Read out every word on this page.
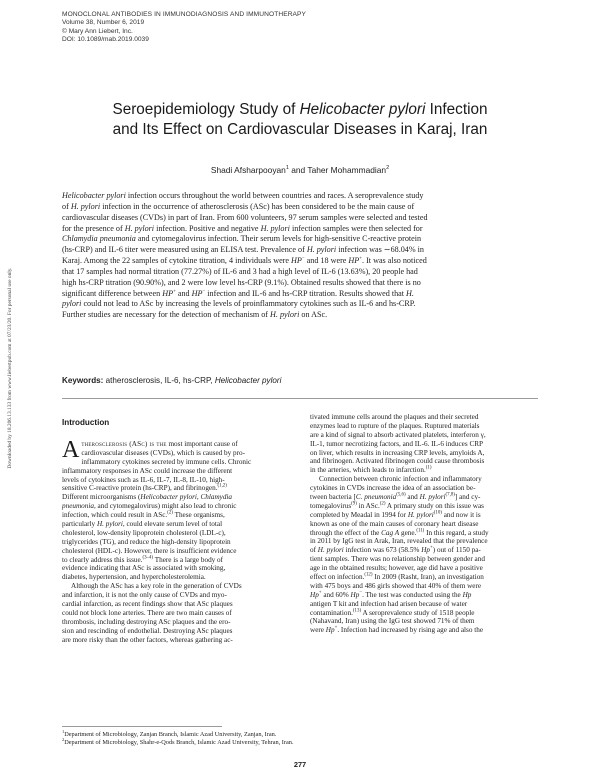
MONOCLONAL ANTIBODIES IN IMMUNODIAGNOSIS AND IMMUNOTHERAPY
Volume 38, Number 6, 2019
© Mary Ann Liebert, Inc.
DOI: 10.1089/mab.2019.0039
Downloaded by 18.206.13.133 from www.liebertpub.com at 07/23/20. For personal use only.
Seroepidemiology Study of Helicobacter pylori Infection
and Its Effect on Cardiovascular Diseases in Karaj, Iran
Shadi Afsharpooyan$^1$ and Taher Mohammadian$^2$
Helicobacter pylori infection occurs throughout the world between countries and races. A seroprevalence study
of H. pylori infection in the occurrence of atherosclerosis (ASc) has been considered to be the main cause of
cardiovascular diseases (CVDs) in part of Iran. From 600 volunteers, 97 serum samples were selected and tested
for the presence of H. pylori infection. Positive and negative H. pylori infection samples were then selected for
Chlamydia pneumonia and cytomegalovirus infection. Their serum levels for high-sensitive C-reactive protein
(hs-CRP) and IL-6 titer were measured using an ELISA test. Prevalence of H. pylori infection was ∼68.04% in
Karaj. Among the 22 samples of cytokine titration, 4 individuals were HP− and 18 were HP+. It was also noticed
that 17 samples had normal titration (77.27%) of IL-6 and 3 had a high level of IL-6 (13.63%), 20 people had
high hs-CRP titration (90.90%), and 2 were low level hs-CRP (9.1%). Obtained results showed that there is no
significant difference between HP+ and HP− infection and IL-6 and hs-CRP titration. Results showed that H.
pylori could not lead to ASc by increasing the levels of proinflammatory cytokines such as IL-6 and hs-CRP.
Further studies are necessary for the detection of mechanism of H. pylori on ASc.
Keywords: atherosclerosis, IL-6, hs-CRP, Helicobacter pylori
Introduction
A therosclerosis (ASc) is the most important cause of
cardiovascular diseases (CVDs), which is caused by pro-
inflammatory cytokines secreted by immune cells. Chronic
inflammatory responses in ASc could increase the different
levels of cytokines such as IL-6, IL-7, IL-8, IL-10, high-
sensitive C-reactive protein (hs-CRP), and fibrinogen.$^{(1,2)}$
Different microorganisms (Helicobacter pylori, Chlamydia
pneumonia, and cytomegalovirus) might also lead to chronic
infection, which could result in ASc.$^{(2)}$ These organisms,
particularly H. pylori, could elevate serum level of total
cholesterol, low-density lipoprotein cholesterol (LDL-c),
triglycerides (TG), and reduce the high-density lipoprotein
cholesterol (HDL-c). However, there is insufficient evidence
to clearly address this issue.$^{(3-4)}$ There is a large body of
evidence indicating that ASc is associated with smoking,
diabetes, hypertension, and hypercholesterolemia.
Although the ASc has a key role in the generation of CVDs
and infarction, it is not the only cause of CVDs and myo-
cardial infarction, as recent findings show that ASc plaques
could not block lone arteries. There are two main causes of
thrombosis, including destroying ASc plaques and the ero-
sion and rescinding of endothelial. Destroying ASc plaques
are more risky than the other factors, whereas gathering ac-
tivated immune cells around the plaques and their secreted
enzymes lead to rupture of the plaques. Ruptured materials
are a kind of signal to absorb activated platelets, interferon γ,
IL-1, tumor necrotizing factors, and IL-6. IL-6 induces CRP
on liver, which results in increasing CRP levels, amyloids A,
and fibrinogen. Activated fibrinogen could cause thrombosis
in the arteries, which leads to infarction.$^{(1)}$
Connection between chronic infection and inflammatory
cytokines in CVDs increase the idea of an association be-
tween bacteria [C. pneumonia$^{(5,6)}$ and H. pylori$^{(7,8)}$] and cy-
tomegalovirus$^{(9)}$ in ASc.$^{(2)}$ A primary study on this issue was
completed by Meadal in 1994 for H. pylori$^{(10)}$ and now it is
known as one of the main causes of coronary heart disease
through the effect of the Cag A gene.$^{(11)}$ In this regard, a study
in 2011 by IgG test in Arak, Iran, revealed that the prevalence
of H. pylori infection was 673 (58.5% Hp+) out of 1150 pa-
tient samples. There was no relationship between gender and
age in the obtained results; however, age did have a positive
effect on infection.$^{(12)}$ In 2009 (Rasht, Iran), an investigation
with 475 boys and 486 girls showed that 40% of them were
Hp+ and 60% Hp−. The test was conducted using the Hp
antigen T kit and infection had arisen because of water
contamination.$^{(13)}$ A seroprevalence study of 1518 people
(Nahavand, Iran) using the IgG test showed 71% of them
were Hp+. Infection had increased by rising age and also the
$^1$Department of Microbiology, Zanjan Branch, Islamic Azad University, Zanjan, Iran.
$^2$Department of Microbiology, Shahr-e-Qods Branch, Islamic Azad University, Tehran, Iran.
277
